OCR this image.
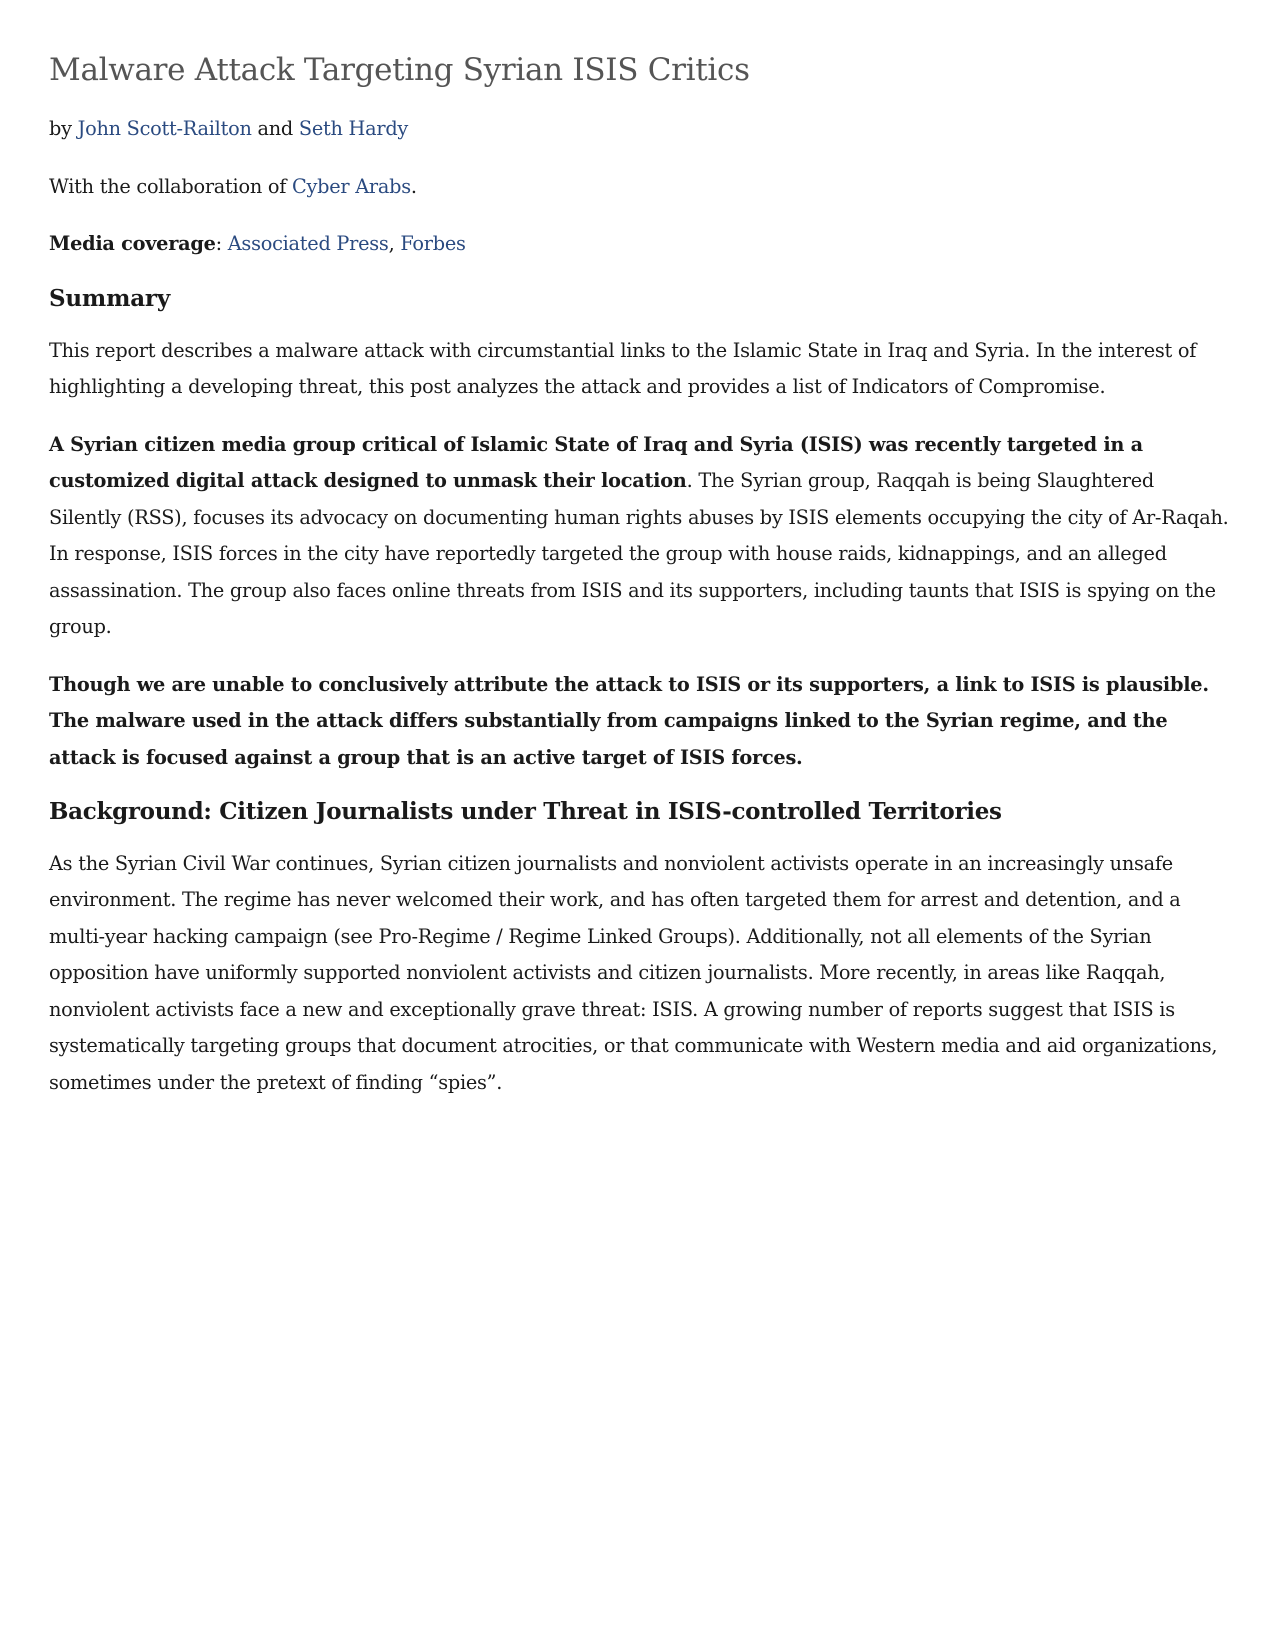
Malware Attack Targeting Syrian ISIS Critics

by John Scott-Railton and Seth Hardy

With the collaboration of Cyber Arabs.

Media coverage: Associated Press, Forbes

Summary

This report describes a malware attack with circumstantial links to the Islamic State in Iraq and Syria. In the interest of highlighting a developing threat, this post analyzes the attack and provides a list of Indicators of Compromise.

A Syrian citizen media group critical of Islamic State of Iraq and Syria (ISIS) was recently targeted in a customized digital attack designed to unmask their location. The Syrian group, Raqqah is being Slaughtered Silently (RSS), focuses its advocacy on documenting human rights abuses by ISIS elements occupying the city of Ar-Raqah. In response, ISIS forces in the city have reportedly targeted the group with house raids, kidnappings, and an alleged assassination. The group also faces online threats from ISIS and its supporters, including taunts that ISIS is spying on the group.

Though we are unable to conclusively attribute the attack to ISIS or its supporters, a link to ISIS is plausible. The malware used in the attack differs substantially from campaigns linked to the Syrian regime, and the attack is focused against a group that is an active target of ISIS forces.

Background: Citizen Journalists under Threat in ISIS-controlled Territories

As the Syrian Civil War continues, Syrian citizen journalists and nonviolent activists operate in an increasingly unsafe environment. The regime has never welcomed their work, and has often targeted them for arrest and detention, and a multi-year hacking campaign (see Pro-Regime / Regime Linked Groups). Additionally, not all elements of the Syrian opposition have uniformly supported nonviolent activists and citizen journalists. More recently, in areas like Raqqah, nonviolent activists face a new and exceptionally grave threat: ISIS. A growing number of reports suggest that ISIS is systematically targeting groups that document atrocities, or that communicate with Western media and aid organizations, sometimes under the pretext of finding “spies”.
